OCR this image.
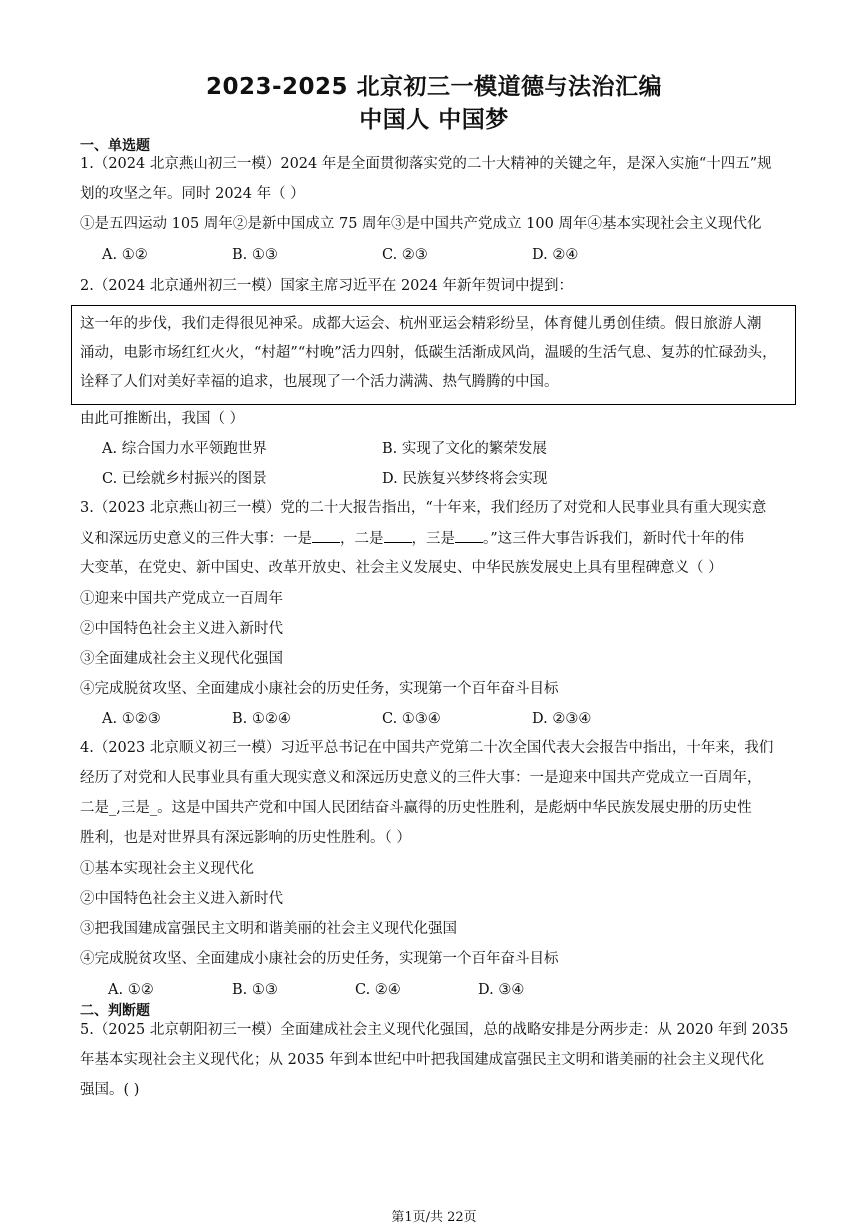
2023-2025 北京初三一模道德与法治汇编
中国人 中国梦
一、单选题
1.（2024 北京燕山初三一模）2024 年是全面贯彻落实党的二十大精神的关键之年，是深入实施“十四五”规
划的攻坚之年。同时 2024 年（ ）
①是五四运动 105 周年②是新中国成立 75 周年③是中国共产党成立 100 周年④基本实现社会主义现代化
A. ①②	B. ①③	C. ②③	D. ②④
2.（2024 北京通州初三一模）国家主席习近平在 2024 年新年贺词中提到：
这一年的步伐，我们走得很见神采。成都大运会、杭州亚运会精彩纷呈，体育健儿勇创佳绩。假日旅游人潮
涌动，电影市场红红火火，“村超”“村晚”活力四射，低碳生活渐成风尚，温暖的生活气息、复苏的忙碌劲头，
诠释了人们对美好幸福的追求，也展现了一个活力满满、热气腾腾的中国。
由此可推断出，我国（ ）
A. 综合国力水平领跑世界	B. 实现了文化的繁荣发展
C. 已绘就乡村振兴的图景	D. 民族复兴梦终将会实现
3.（2023 北京燕山初三一模）党的二十大报告指出，“十年来，我们经历了对党和人民事业具有重大现实意
义和深远历史意义的三件大事：一是 ，二是 ，三是 。”这三件大事告诉我们，新时代十年的伟
大变革，在党史、新中国史、改革开放史、社会主义发展史、中华民族发展史上具有里程碑意义（ ）
①迎来中国共产党成立一百周年
②中国特色社会主义进入新时代
③全面建成社会主义现代化强国
④完成脱贫攻坚、全面建成小康社会的历史任务，实现第一个百年奋斗目标
A. ①②③	B. ①②④	C. ①③④	D. ②③④
4.（2023 北京顺义初三一模）习近平总书记在中国共产党第二十次全国代表大会报告中指出，十年来，我们
经历了对党和人民事业具有重大现实意义和深远历史意义的三件大事：一是迎来中国共产党成立一百周年，
二是_,三是_。这是中国共产党和中国人民团结奋斗赢得的历史性胜利，是彪炳中华民族发展史册的历史性
胜利，也是对世界具有深远影响的历史性胜利。（ ）
①基本实现社会主义现代化
②中国特色社会主义进入新时代
③把我国建成富强民主文明和谐美丽的社会主义现代化强国
④完成脱贫攻坚、全面建成小康社会的历史任务，实现第一个百年奋斗目标
A. ①②	B. ①③	C. ②④	D. ③④
二、判断题
5.（2025 北京朝阳初三一模）全面建成社会主义现代化强国，总的战略安排是分两步走：从 2020 年到 2035
年基本实现社会主义现代化；从 2035 年到本世纪中叶把我国建成富强民主文明和谐美丽的社会主义现代化
强国。( )
第1页/共 22页
